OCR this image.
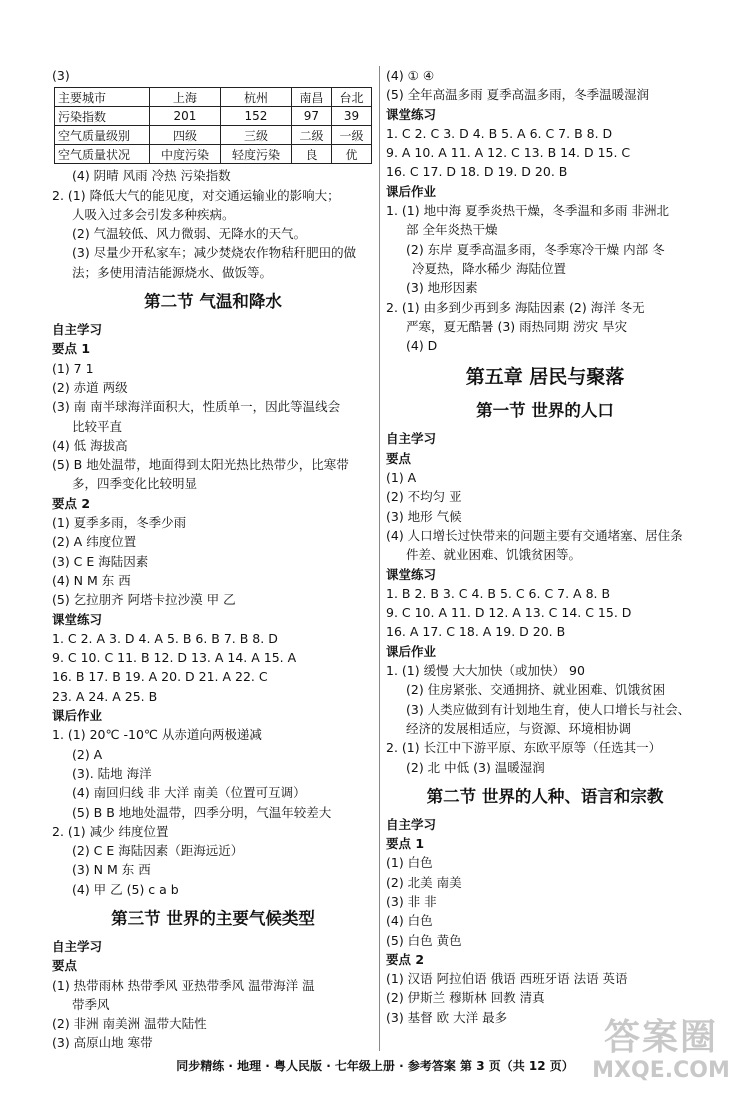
(3)
主要城市	上海	杭州	南昌	台北
污染指数	201	152	97	39
空气质量级别	四级	三级	二级	一级
空气质量状况	中度污染	轻度污染	良	优
(4) 阴晴 风雨 冷热 污染指数
2. (1) 降低大气的能见度，对交通运输业的影响大；
人吸入过多会引发多种疾病。
(2) 气温较低、风力微弱、无降水的天气。
(3) 尽量少开私家车；减少焚烧农作物秸秆肥田的做
法；多使用清洁能源烧水、做饭等。
第二节 气温和降水
自主学习
要点 1
(1) 7 1
(2) 赤道 两级
(3) 南 南半球海洋面积大，性质单一，因此等温线会
比较平直
(4) 低 海拔高
(5) B 地处温带，地面得到太阳光热比热带少，比寒带
多，四季变化比较明显
要点 2
(1) 夏季多雨，冬季少雨
(2) A 纬度位置
(3) C E 海陆因素
(4) N M 东 西
(5) 乞拉朋齐 阿塔卡拉沙漠 甲 乙
课堂练习
1. C 2. A 3. D 4. A 5. B 6. B 7. B 8. D
9. C 10. C 11. B 12. D 13. A 14. A 15. A
16. B 17. B 19. A 20. D 21. A 22. C
23. A 24. A 25. B
课后作业
1. (1) 20℃ -10℃ 从赤道向两极递减
(2) A
(3). 陆地 海洋
(4) 南回归线 非 大洋 南美（位置可互调）
(5) B B 地地处温带，四季分明，气温年较差大
2. (1) 减少 纬度位置
(2) C E 海陆因素（距海远近）
(3) N M 东 西
(4) 甲 乙 (5) c a b
第三节 世界的主要气候类型
自主学习
要点
(1) 热带雨林 热带季风 亚热带季风 温带海洋 温
带季风
(2) 非洲 南美洲 温带大陆性
(3) 高原山地 寒带
(4) ① ④
(5) 全年高温多雨 夏季高温多雨，冬季温暖湿润
课堂练习
1. C 2. C 3. D 4. B 5. A 6. C 7. B 8. D
9. A 10. A 11. A 12. C 13. B 14. D 15. C
16. C 17. D 18. D 19. D 20. B
课后作业
1. (1) 地中海 夏季炎热干燥，冬季温和多雨 非洲北
部 全年炎热干燥
(2) 东岸 夏季高温多雨，冬季寒冷干燥 内部 冬
冷夏热，降水稀少 海陆位置
(3) 地形因素
2. (1) 由多到少再到多 海陆因素 (2) 海洋 冬无
严寒，夏无酷暑 (3) 雨热同期 涝灾 旱灾
(4) D
第五章 居民与聚落
第一节 世界的人口
自主学习
要点
(1) A
(2) 不均匀 亚
(3) 地形 气候
(4) 人口增长过快带来的问题主要有交通堵塞、居住条
件差、就业困难、饥饿贫困等。
课堂练习
1. B 2. B 3. C 4. B 5. C 6. C 7. A 8. B
9. C 10. A 11. D 12. A 13. C 14. C 15. D
16. A 17. C 18. A 19. D 20. B
课后作业
1. (1) 缓慢 大大加快（或加快） 90
(2) 住房紧张、交通拥挤、就业困难、饥饿贫困
(3) 人类应做到有计划地生育，使人口增长与社会、
经济的发展相适应，与资源、环境相协调
2. (1) 长江中下游平原、东欧平原等（任选其一）
(2) 北 中低 (3) 温暖湿润
第二节 世界的人种、语言和宗教
自主学习
要点 1
(1) 白色
(2) 北美 南美
(3) 非 非
(4) 白色
(5) 白色 黄色
要点 2
(1) 汉语 阿拉伯语 俄语 西班牙语 法语 英语
(2) 伊斯兰 穆斯林 回教 清真
(3) 基督 欧 大洋 最多
同步精练 · 地理 · 粤人民版 · 七年级上册 · 参考答案 第 3 页（共 12 页）
答案圈
MXQE.COM
